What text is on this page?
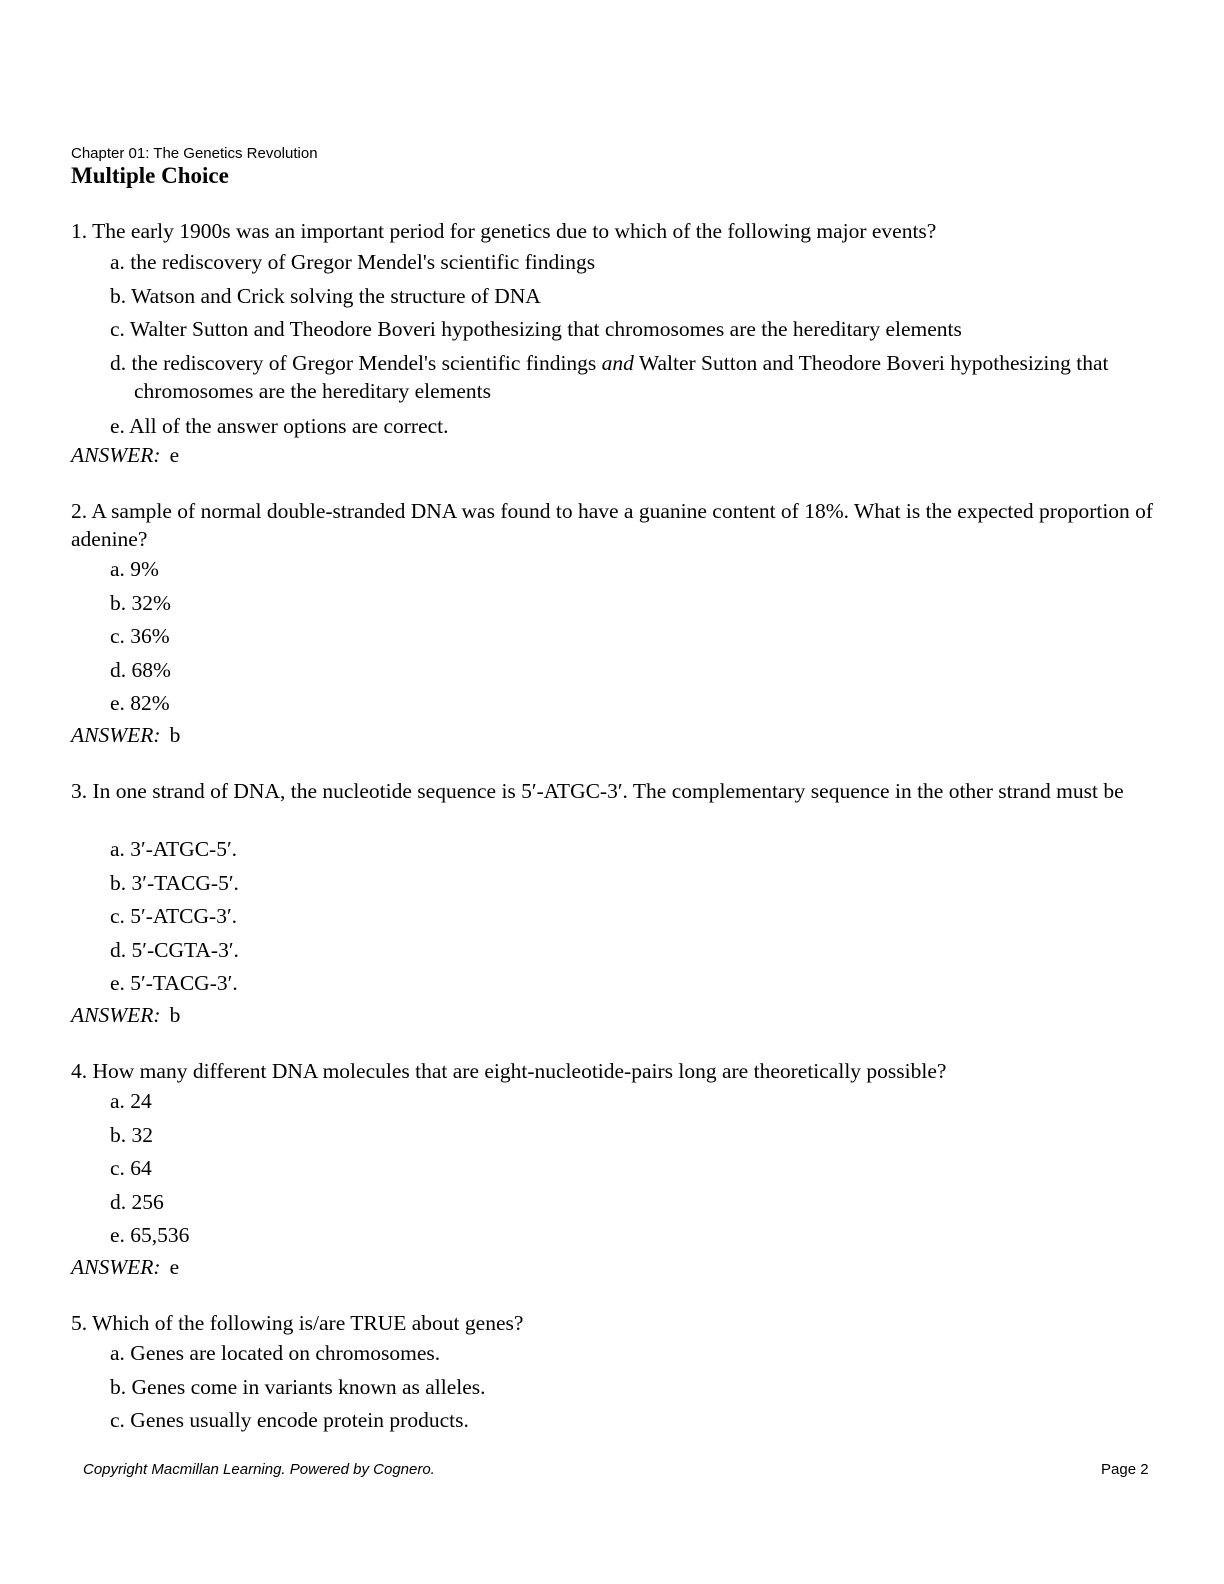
Chapter 01: The Genetics Revolution
Multiple Choice
1. The early 1900s was an important period for genetics due to which of the following major events?
a. the rediscovery of Gregor Mendel's scientific findings
b. Watson and Crick solving the structure of DNA
c. Walter Sutton and Theodore Boveri hypothesizing that chromosomes are the hereditary elements
d. the rediscovery of Gregor Mendel's scientific findings and Walter Sutton and Theodore Boveri hypothesizing that chromosomes are the hereditary elements
e. All of the answer options are correct.
ANSWER: e
2. A sample of normal double-stranded DNA was found to have a guanine content of 18%. What is the expected proportion of adenine?
a. 9%
b. 32%
c. 36%
d. 68%
e. 82%
ANSWER: b
3. In one strand of DNA, the nucleotide sequence is 5′-ATGC-3′. The complementary sequence in the other strand must be
a. 3′-ATGC-5′.
b. 3′-TACG-5′.
c. 5′-ATCG-3′.
d. 5′-CGTA-3′.
e. 5′-TACG-3′.
ANSWER: b
4. How many different DNA molecules that are eight-nucleotide-pairs long are theoretically possible?
a. 24
b. 32
c. 64
d. 256
e. 65,536
ANSWER: e
5. Which of the following is/are TRUE about genes?
a. Genes are located on chromosomes.
b. Genes come in variants known as alleles.
c. Genes usually encode protein products.
Copyright Macmillan Learning. Powered by Cognero.	Page 2
